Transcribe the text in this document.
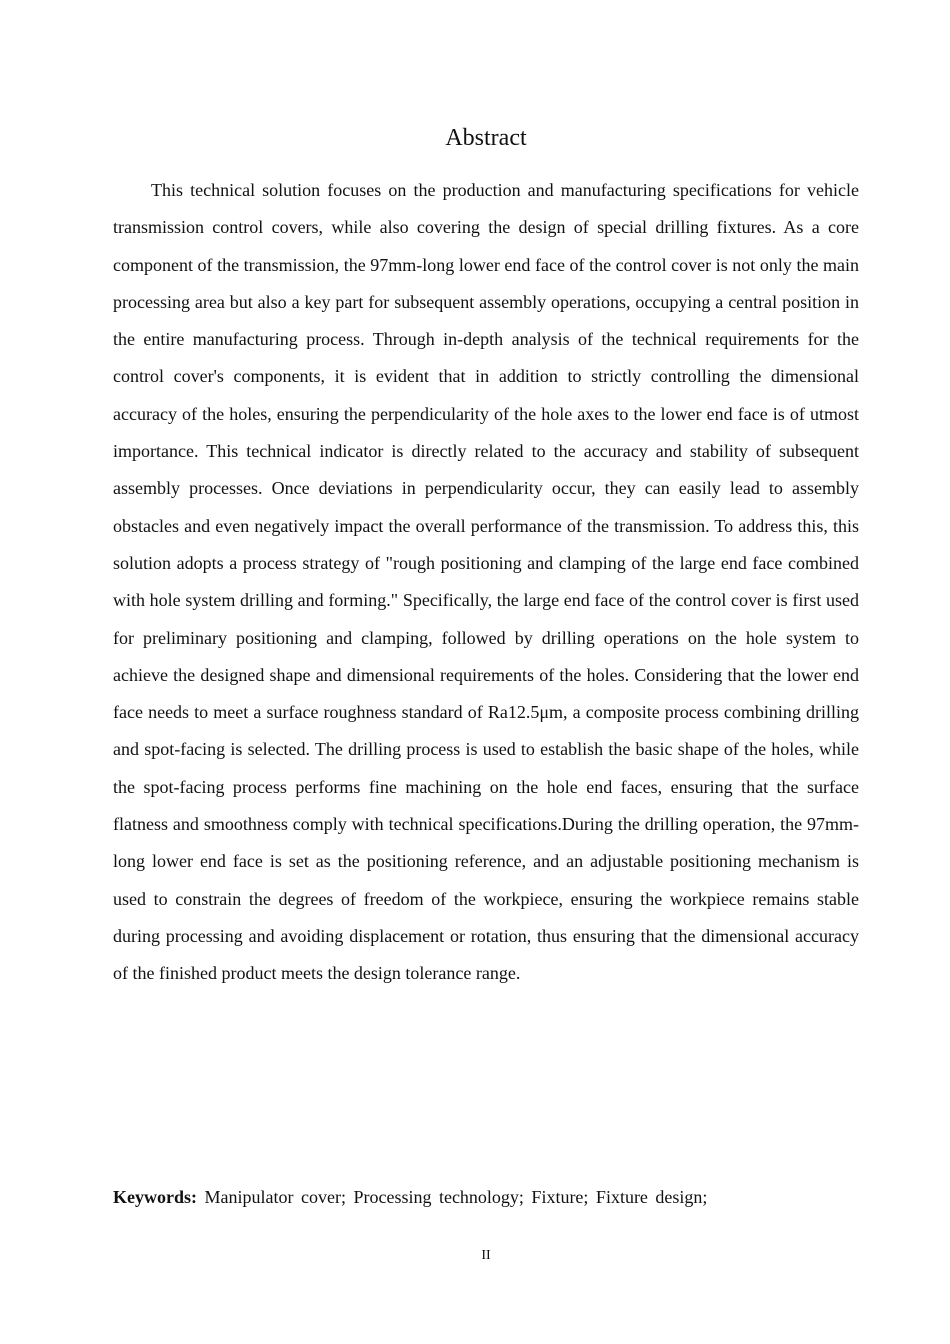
Abstract

This technical solution focuses on the production and manufacturing specifications for vehicle transmission control covers, while also covering the design of special drilling fixtures. As a core component of the transmission, the 97mm-long lower end face of the control cover is not only the main processing area but also a key part for subsequent assembly operations, occupying a central position in the entire manufacturing process. Through in-depth analysis of the technical requirements for the control cover's components, it is evident that in addition to strictly controlling the dimensional accuracy of the holes, ensuring the perpendicularity of the hole axes to the lower end face is of utmost importance. This technical indicator is directly related to the accuracy and stability of subsequent assembly processes. Once deviations in perpendicularity occur, they can easily lead to assembly obstacles and even negatively impact the overall performance of the transmission. To address this, this solution adopts a process strategy of "rough positioning and clamping of the large end face combined with hole system drilling and forming." Specifically, the large end face of the control cover is first used for preliminary positioning and clamping, followed by drilling operations on the hole system to achieve the designed shape and dimensional requirements of the holes. Considering that the lower end face needs to meet a surface roughness standard of Ra12.5μm, a composite process combining drilling and spot-facing is selected. The drilling process is used to establish the basic shape of the holes, while the spot-facing process performs fine machining on the hole end faces, ensuring that the surface flatness and smoothness comply with technical specifications.During the drilling operation, the 97mm-long lower end face is set as the positioning reference, and an adjustable positioning mechanism is used to constrain the degrees of freedom of the workpiece, ensuring the workpiece remains stable during processing and avoiding displacement or rotation, thus ensuring that the dimensional accuracy of the finished product meets the design tolerance range.

Keywords: Manipulator cover; Processing technology; Fixture; Fixture design;

II
